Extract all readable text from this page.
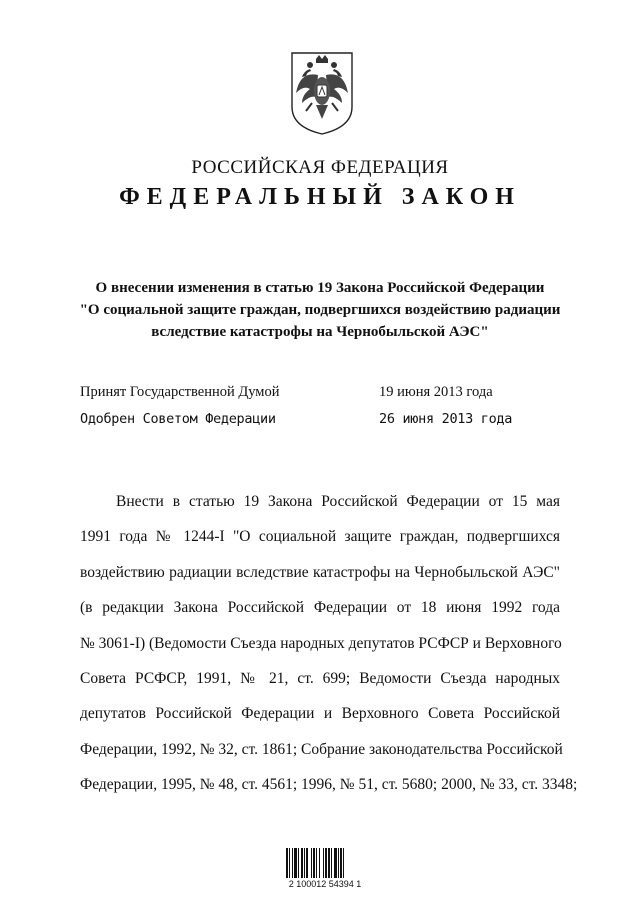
РОССИЙСКАЯ ФЕДЕРАЦИЯ
ФЕДЕРАЛЬНЫЙ ЗАКОН
О внесении изменения в статью 19 Закона Российской Федерации
"О социальной защите граждан, подвергшихся воздействию радиации
вследствие катастрофы на Чернобыльской АЭС"
Принят Государственной Думой	19 июня 2013 года
Одобрен Советом Федерации	26 июня 2013 года
Внести в статью 19 Закона Российской Федерации от 15 мая
1991 года № 1244-I "О социальной защите граждан, подвергшихся
воздействию радиации вследствие катастрофы на Чернобыльской АЭС"
(в редакции Закона Российской Федерации от 18 июня 1992 года
№ 3061-I) (Ведомости Съезда народных депутатов РСФСР и Верховного
Совета РСФСР, 1991, № 21, ст. 699; Ведомости Съезда народных
депутатов Российской Федерации и Верховного Совета Российской
Федерации, 1992, № 32, ст. 1861; Собрание законодательства Российской
Федерации, 1995, № 48, ст. 4561; 1996, № 51, ст. 5680; 2000, № 33, ст. 3348;
2 100012 54394 1
